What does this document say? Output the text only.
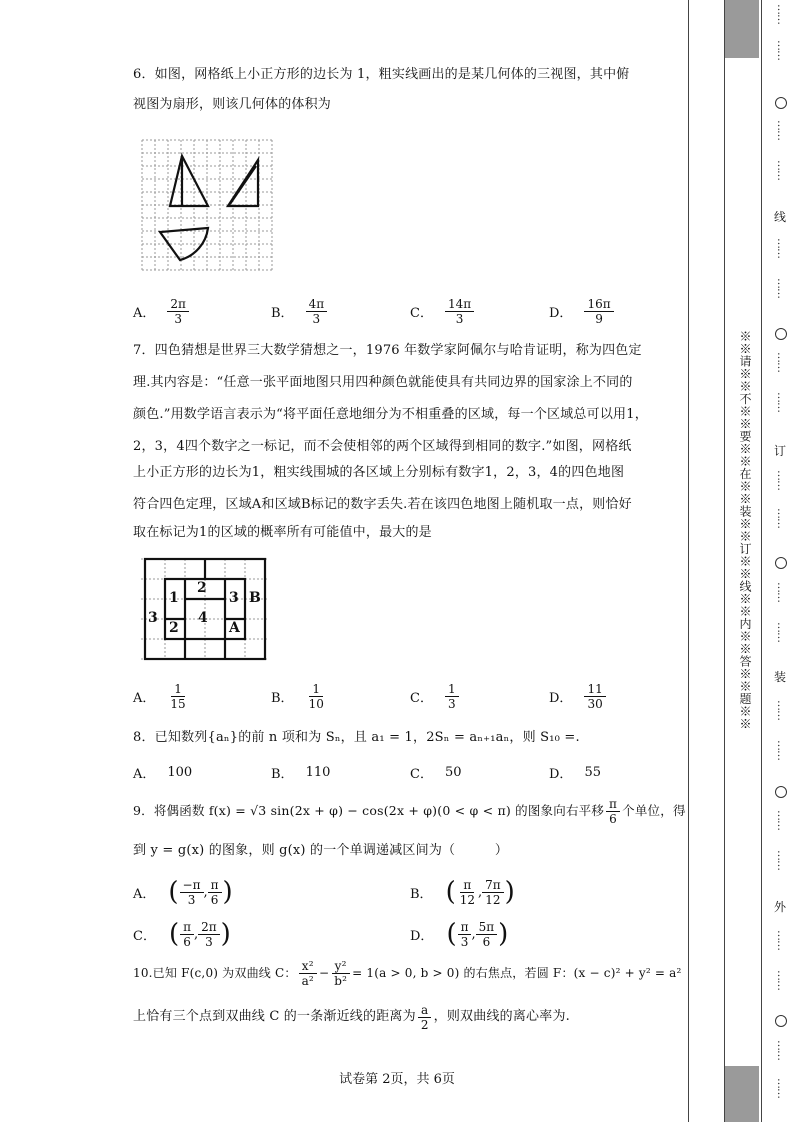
6．如图，网格纸上小正方形的边长为 1，粗实线画出的是某几何体的三视图，其中俯
视图为扇形，则该几何体的体积为
A． $\frac{2\pi}{3}$	B． $\frac{4\pi}{3}$	C． $\frac{14\pi}{3}$	D． $\frac{16\pi}{9}$
7．四色猜想是世界三大数学猜想之一，1976 年数学家阿佩尔与哈肯证明，称为四色定
理.其内容是：“任意一张平面地图只用四种颜色就能使具有共同边界的国家涂上不同的
颜色.”用数学语言表示为“将平面任意地细分为不相重叠的区域，每一个区域总可以用1，
2，3，4四个数字之一标记，而不会使相邻的两个区域得到相同的数字.”如图，网格纸
上小正方形的边长为1，粗实线围城的各区域上分别标有数字1，2，3，4的四色地图
符合四色定理，区域A和区域B标记的数字丢失.若在该四色地图上随机取一点，则恰好
取在标记为1的区域的概率所有可能值中，最大的是
1
2
3 B
3	4
2	A
A． $\frac{1}{15}$	B． $\frac{1}{10}$	C． $\frac{1}{3}$	D． $\frac{11}{30}$
8．已知数列{aₙ}的前 n 项和为 Sₙ，且 a₁ = 1，2Sₙ = aₙ₊₁aₙ，则 S₁₀ =.
A． 100	B． 110	C． 50	D． 55
9．将偶函数 f(x) = √3 sin(2x + φ) − cos(2x + φ)(0 < φ < π) 的图象向右平移 $\frac{\pi}{6}$ 个单位，得
到 y = g(x) 的图象，则 g(x) 的一个单调递减区间为（　　　）
A． ( $\frac{-\pi}{3}$ , $\frac{\pi}{6}$ )	B． ( $\frac{\pi}{12}$ , $\frac{7\pi}{12}$ )
C． ( $\frac{\pi}{6}$ , $\frac{2\pi}{3}$ )	D． ( $\frac{\pi}{3}$ , $\frac{5\pi}{6}$ )
10.已知 F(c,0) 为双曲线 C： $\frac{\text{x²}}{\text{a²}} - \frac{\text{y²}}{\text{b²}} = 1(a > 0$, b > 0) 的右焦点，若圆 F：(x − c)² + y² = a²
上恰有三个点到双曲线 C 的一条渐近线的距离为 $\frac{a}{2}$ ，则双曲线的离心率为.
试卷第 2页，共 6页
※※请※※不※※要※※在※※装※※订※※线※※内※※答※※题※※
……
……
……
……
线
……
……
……
……
订
……
……
……
……
装
……
……
……
……
外
……
……
……
……
